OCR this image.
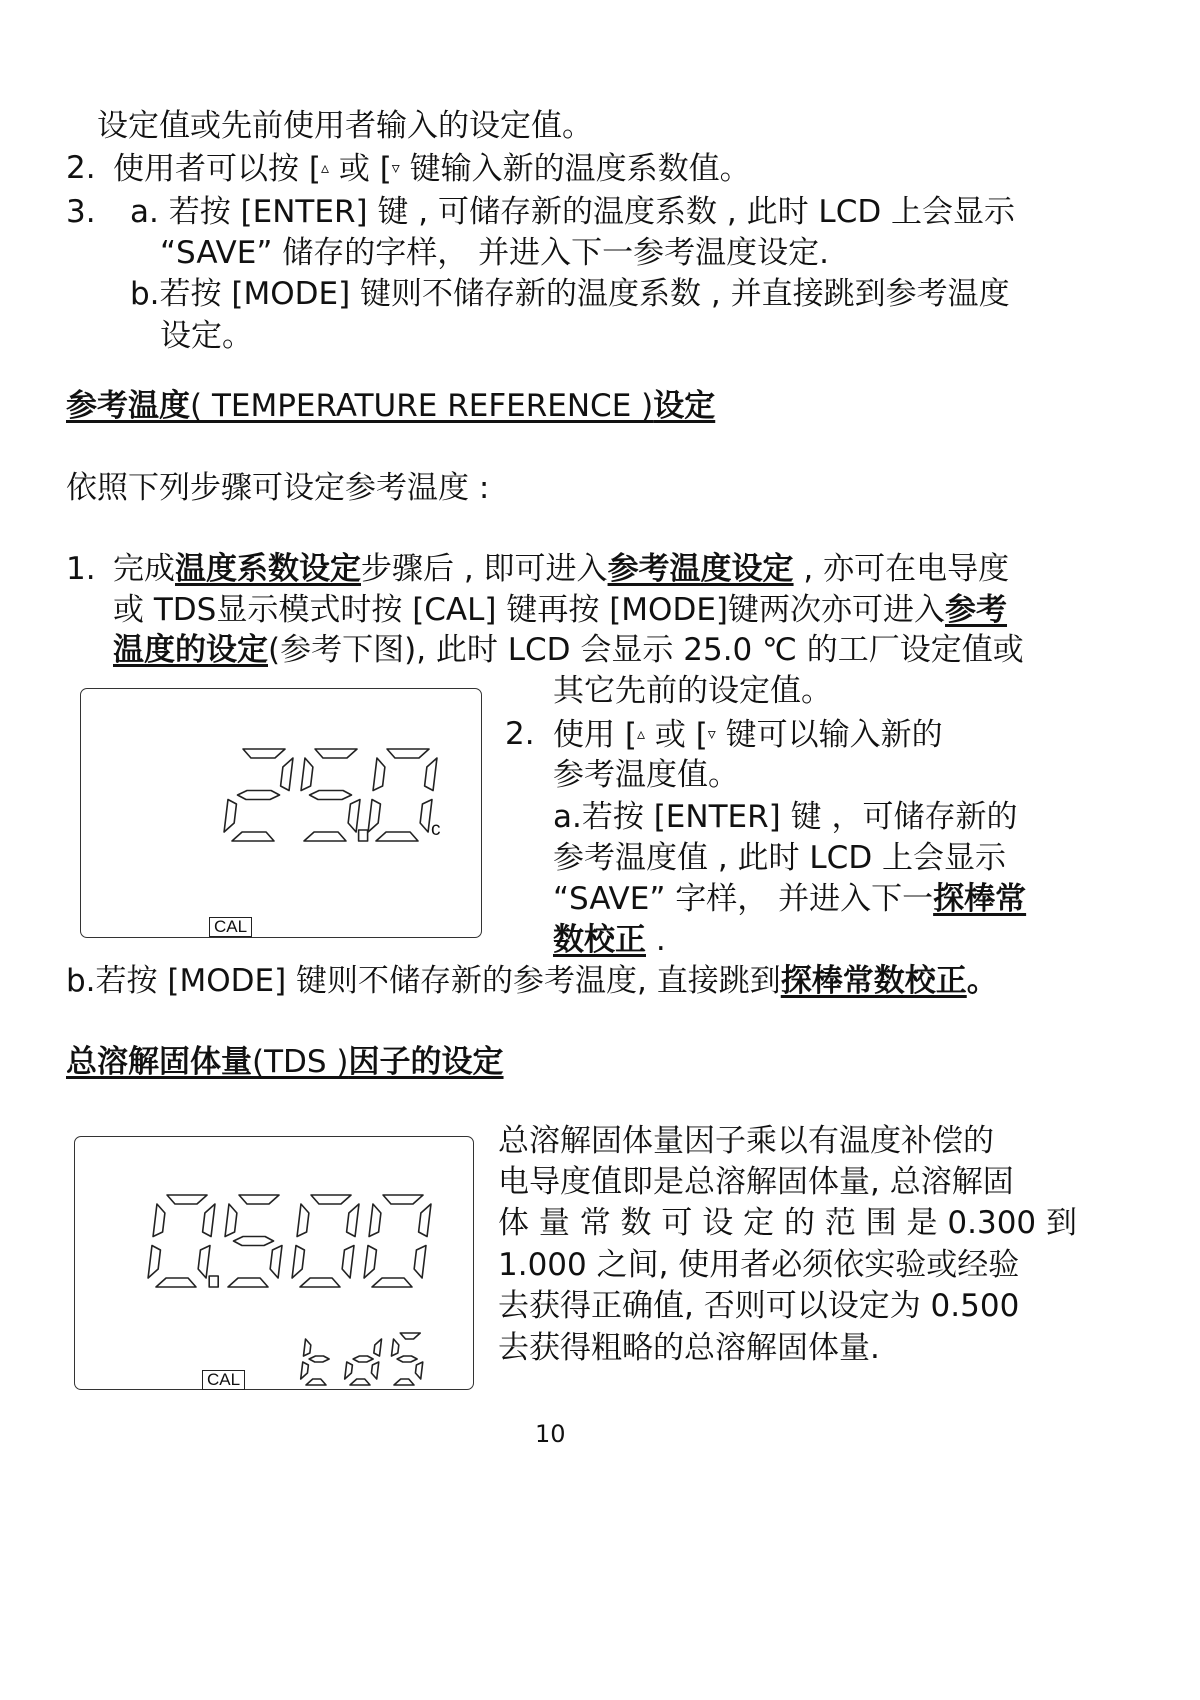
设定值或先前使用者输入的设定值。
2. 使用者可以按 [▵ 或 [▿ 键输入新的温度系数值。
3. a. 若按 [ENTER] 键 , 可储存新的温度系数 , 此时 LCD 上会显示
“SAVE” 储存的字样， 并进入下一参考温度设定.
b.若按 [MODE] 键则不储存新的温度系数 , 并直接跳到参考温度
设定。
参考温度( TEMPERATURE REFERENCE )设定
依照下列步骤可设定参考温度 :
1. 完成温度系数设定步骤后 , 即可进入参考温度设定 , 亦可在电导度
或 TDS显示模式时按 [CAL] 键再按 [MODE]键两次亦可进入参考
温度的设定(参考下图), 此时 LCD 会显示 25.0 ℃ 的工厂设定值或
其它先前的设定值。
2. 使用 [▵ 或 [▿ 键可以输入新的
参考温度值。
a.若按 [ENTER] 键 ，可储存新的
参考温度值 , 此时 LCD 上会显示
“SAVE” 字样， 并进入下一探棒常
数校正 .
b.若按 [MODE] 键则不储存新的参考温度, 直接跳到探棒常数校正。
c
CAL
总溶解固体量(TDS )因子的设定
总溶解固体量因子乘以有温度补偿的
电导度值即是总溶解固体量, 总溶解固
体 量 常 数 可 设 定 的 范 围 是 0.300 到
1.000 之间, 使用者必须依实验或经验
去获得正确值, 否则可以设定为 0.500
去获得粗略的总溶解固体量.
CAL
10
